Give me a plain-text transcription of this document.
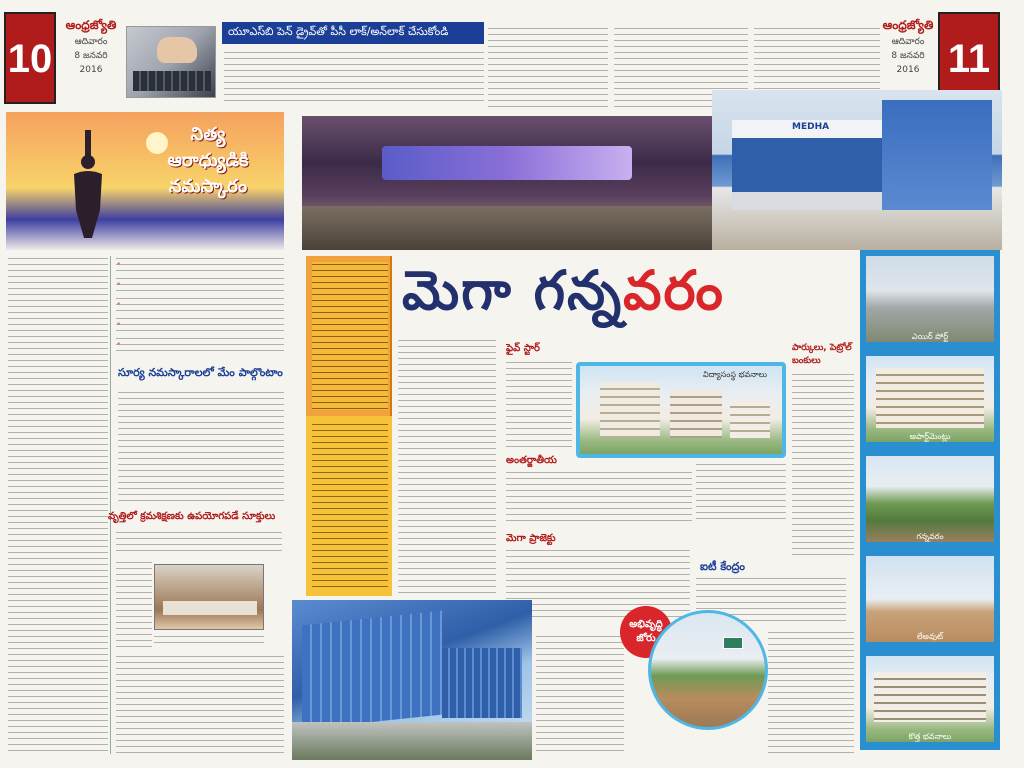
10
ఆంధ్రజ్యోతి
ఆదివారం
8 జనవరి
2016
యూఎస్‌బి పెన్ డ్రైవ్‌తో పీసీ లాక్/అన్‌లాక్ చేసుకోండి
నిత్య
ఆరాధ్యుడికి
నమస్కారం
•
•
•
•
•
సూర్య నమస్కారాలలో మేం పాల్గొంటాం
వృత్తిలో క్రమశిక్షణకు ఉపయోగపడే సూక్తులు
ఆంధ్రజ్యోతి
ఆదివారం
8 జనవరి
2016 11
MEDHA
మెగా గన్నవరం
ఫైవ్ స్టార్
విద్యాసంస్థ భవనాలు
అంతర్జాతీయ
మెగా ప్రాజెక్టు
ఐటీ కేంద్రం
పార్కులు, పెట్రోల్ బంకులు
ఎయిర్ పోర్ట్
అపార్ట్‌మెంట్లు
గన్నవరం
లేఅవుట్
కొత్త భవనాలు
అభివృద్ధి జోరు
